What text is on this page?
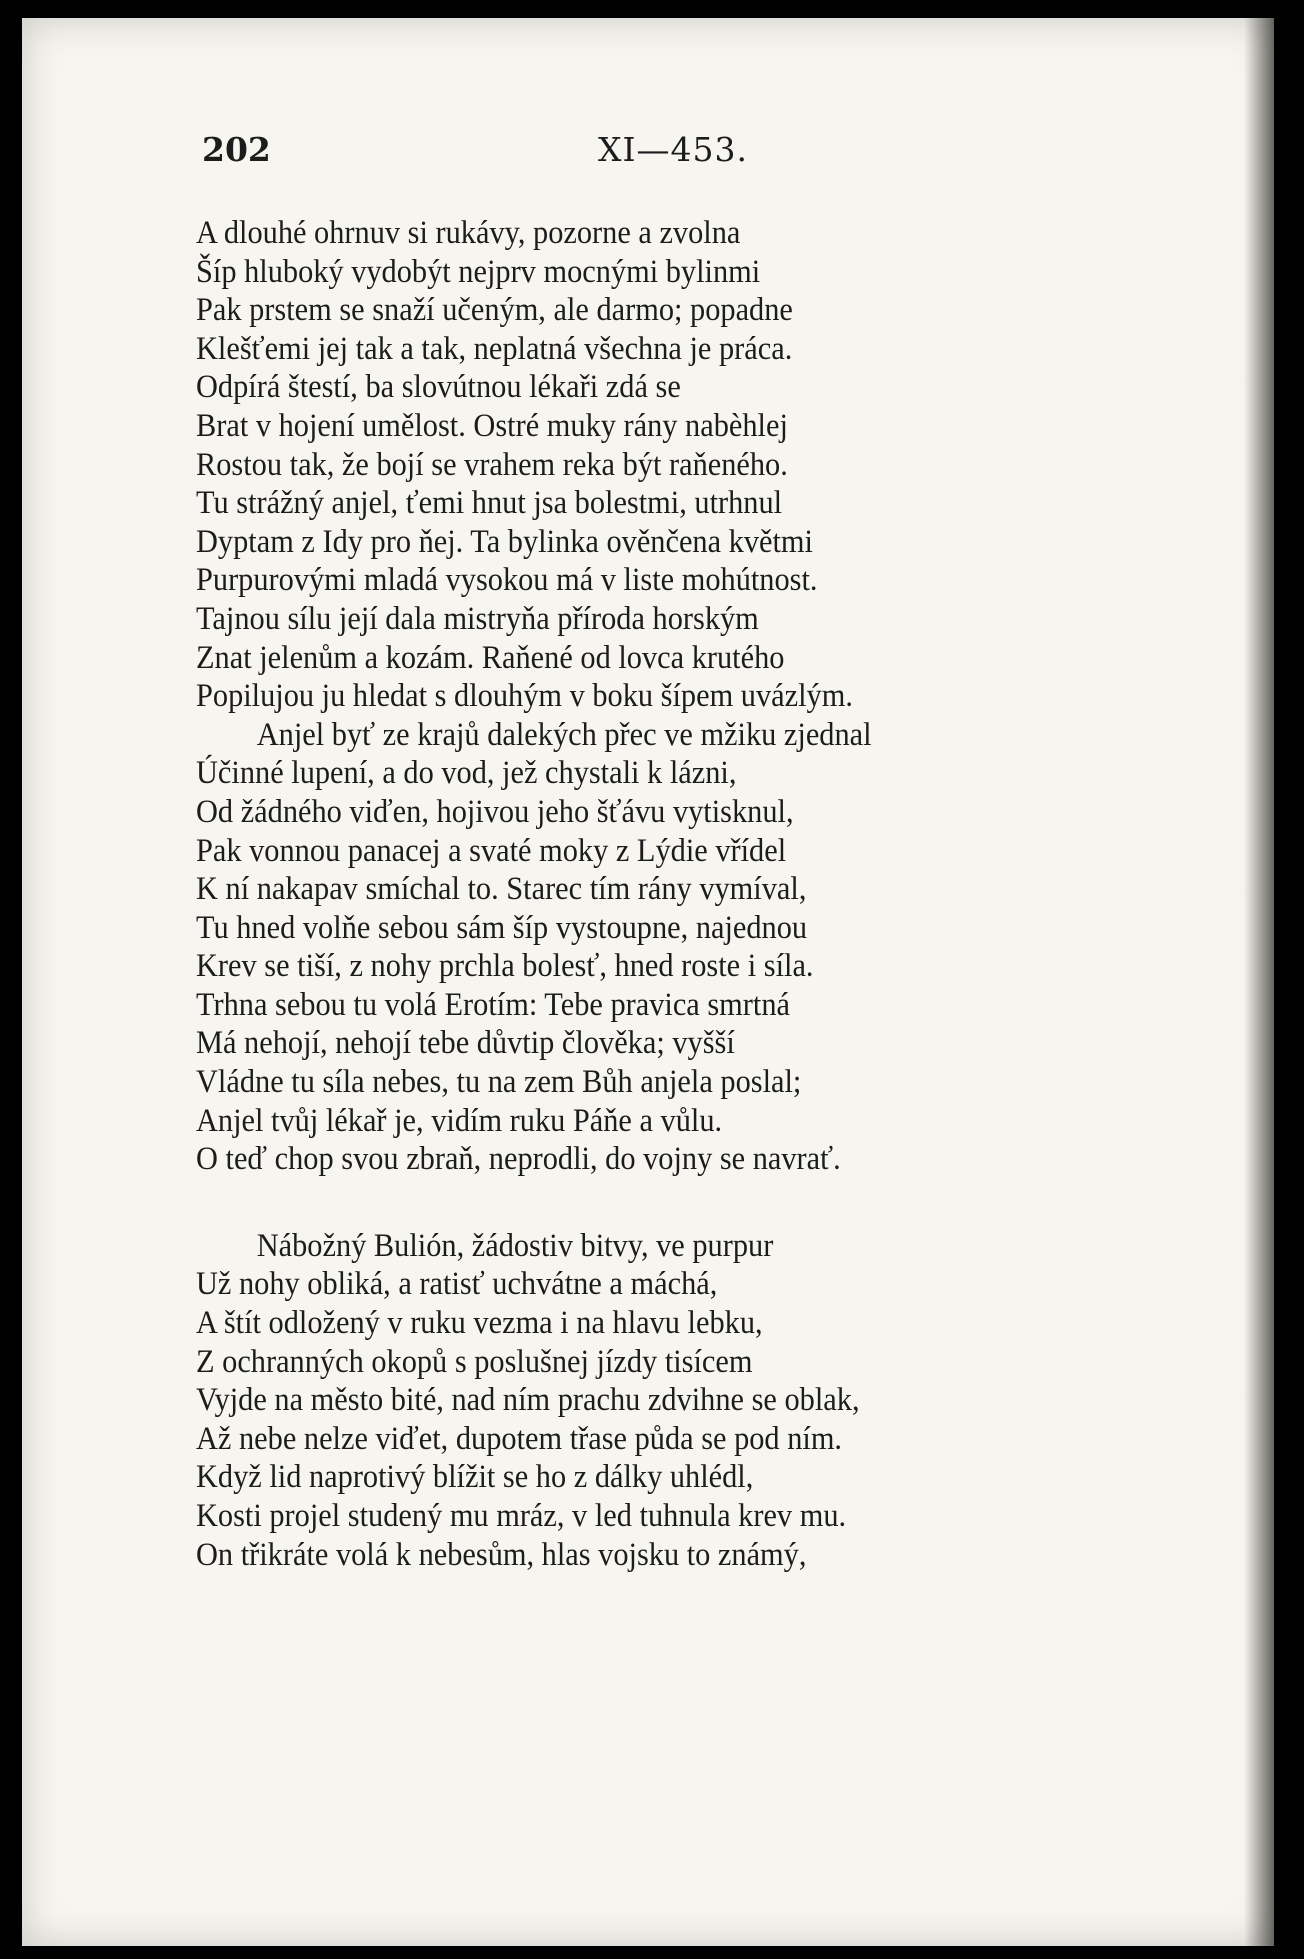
202	XI—453.
A dlouhé ohrnuv si rukávy, pozorne a zvolna
Šíp hluboký vydobýt nejprv mocnými bylinmi
Pak prstem se snaží učeným, ale darmo; popadne
Klešťemi jej tak a tak, neplatná všechna je práca.
Odpírá štestí, ba slovútnou lékaři zdá se
Brat v hojení umělost. Ostré muky rány nabèhlej
Rostou tak, že bojí se vrahem reka být raňeného.
Tu strážný anjel, ťemi hnut jsa bolestmi, utrhnul
Dyptam z Idy pro ňej. Ta bylinka ověnčena květmi
Purpurovými mladá vysokou má v listе mohútnost.
Tajnou sílu její dala mistryňa příroda horským
Znat jelenům a kozám. Raňené od lovca krutého
Popilujou ju hledat s dlouhým v boku šípem uvázlým.
Anjel byť ze krajů dalekých přec ve mžiku zjednal
Účinné lupení, a do vod, jež chystali k lázni,
Od žádného viďen, hojivou jeho šťávu vytisknul,
Pak vonnou panacej a svaté moky z Lýdie vřídel
K ní nakapav smíchal to. Starec tím rány vymíval,
Tu hned volňe sebou sám šíp vystoupne, najednou
Krev se tiší, z nohy prchla bolesť, hned roste i síla.
Trhna sebou tu volá Erotím: Tebe pravica smrtná
Má nehojí, nehojí tebe důvtip člověka; vyšší
Vládne tu síla nebes, tu na zem Bůh anjela poslal;
Anjel tvůj lékař je, vidím ruku Páňe a vůlu.
O teď chop svou zbraň, neprodli, do vojny se navrať.
Nábožný Bulión, žádostiv bitvy, ve purpur
Už nohy obliká, a ratisť uchvátne a máchá,
A štít odložený v ruku vezma i na hlavu lebku,
Z ochranných okopů s poslušnej jízdy tisícem
Vyjde na město bité, nad ním prachu zdvihne se oblak,
Až nebe nelze viďet, dupotem třase půda se pod ním.
Když lid naprotivý blížit se ho z dálky uhlédl,
Kosti projel studený mu mráz, v led tuhnula krev mu.
On třikráte volá k nebesům, hlas vojsku to známý,
